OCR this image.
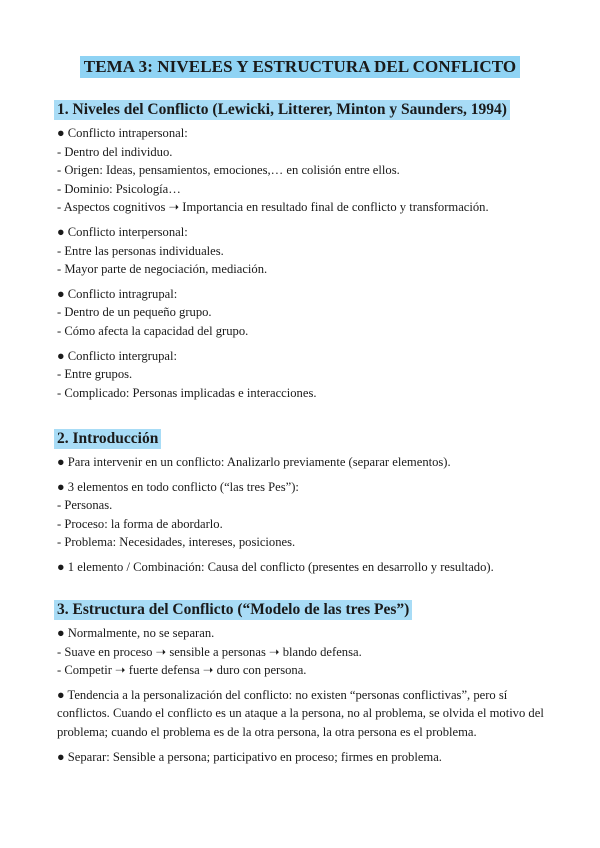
TEMA 3: NIVELES Y ESTRUCTURA DEL CONFLICTO
1. Niveles del Conflicto (Lewicki, Litterer, Minton y Saunders, 1994)
● Conflicto intrapersonal:
- Dentro del individuo.
- Origen: Ideas, pensamientos, emociones,… en colisión entre ellos.
- Dominio: Psicología…
- Aspectos cognitivos ➝ Importancia en resultado final de conflicto y transformación.
● Conflicto interpersonal:
- Entre las personas individuales.
- Mayor parte de negociación, mediación.
● Conflicto intragrupal:
- Dentro de un pequeño grupo.
- Cómo afecta la capacidad del grupo.
● Conflicto intergrupal:
- Entre grupos.
- Complicado: Personas implicadas e interacciones.
2. Introducción
● Para intervenir en un conflicto: Analizarlo previamente (separar elementos).
● 3 elementos en todo conflicto (“las tres Pes”):
- Personas.
- Proceso: la forma de abordarlo.
- Problema: Necesidades, intereses, posiciones.
● 1 elemento / Combinación: Causa del conflicto (presentes en desarrollo y resultado).
3. Estructura del Conflicto (“Modelo de las tres Pes”)
● Normalmente, no se separan.
- Suave en proceso ➝ sensible a personas ➝ blando defensa.
- Competir ➝ fuerte defensa ➝ duro con persona.
● Tendencia a la personalización del conflicto: no existen “personas conflictivas”, pero sí conflictos. Cuando el conflicto es un ataque a la persona, no al problema, se olvida el motivo del problema; cuando el problema es de la otra persona, la otra persona es el problema.
● Separar: Sensible a persona; participativo en proceso; firmes en problema.
